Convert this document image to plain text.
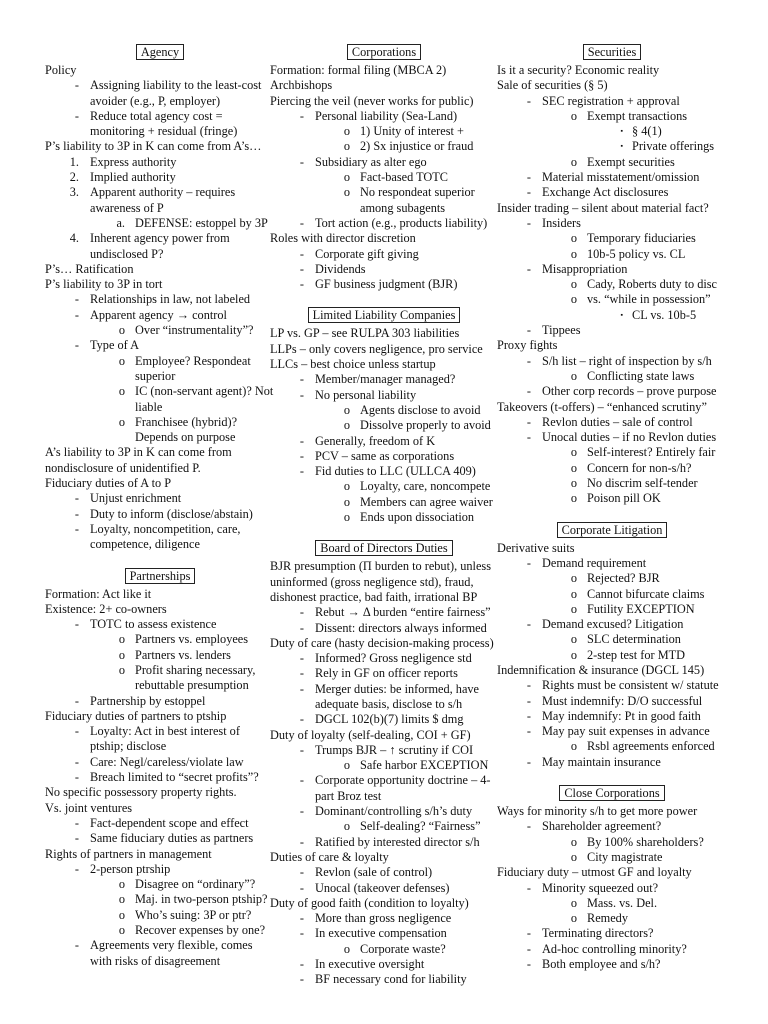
Agency
Policy
- Assigning liability to the least-cost avoider (e.g., P, employer)
- Reduce total agency cost = monitoring + residual (fringe)
P’s liability to 3P in K can come from A’s…
1. Express authority
2. Implied authority
3. Apparent authority – requires awareness of P
a. DEFENSE: estoppel by 3P
4. Inherent agency power from undisclosed P?
P’s… Ratification
P’s liability to 3P in tort
- Relationships in law, not labeled
- Apparent agency → control
o Over “instrumentality”?
- Type of A
o Employee? Respondeat superior
o IC (non-servant agent)? Not liable
o Franchisee (hybrid)? Depends on purpose
A’s liability to 3P in K can come from nondisclosure of unidentified P.
Fiduciary duties of A to P
- Unjust enrichment
- Duty to inform (disclose/abstain)
- Loyalty, noncompetition, care, competence, diligence
Partnerships
Formation: Act like it
Existence: 2+ co-owners
- TOTC to assess existence
o Partners vs. employees
o Partners vs. lenders
o Profit sharing necessary, rebuttable presumption
- Partnership by estoppel
Fiduciary duties of partners to ptship
- Loyalty: Act in best interest of ptship; disclose
- Care: Negl/careless/violate law
- Breach limited to “secret profits”?
No specific possessory property rights.
Vs. joint ventures
- Fact-dependent scope and effect
- Same fiduciary duties as partners
Rights of partners in management
- 2-person ptrship
o Disagree on “ordinary”?
o Maj. in two-person ptship?
o Who’s suing: 3P or ptr?
o Recover expenses by one?
- Agreements very flexible, comes with risks of disagreement
Corporations
Formation: formal filing (MBCA 2)
Archbishops
Piercing the veil (never works for public)
- Personal liability (Sea-Land)
o 1) Unity of interest +
o 2) Sx injustice or fraud
- Subsidiary as alter ego
o Fact-based TOTC
o No respondeat superior among subagents
- Tort action (e.g., products liability)
Roles with director discretion
- Corporate gift giving
- Dividends
- GF business judgment (BJR)
Limited Liability Companies
LP vs. GP – see RULPA 303 liabilities
LLPs – only covers negligence, pro service
LLCs – best choice unless startup
- Member/manager managed?
- No personal liability
o Agents disclose to avoid
o Dissolve properly to avoid
- Generally, freedom of K
- PCV – same as corporations
- Fid duties to LLC (ULLCA 409)
o Loyalty, care, noncompete
o Members can agree waiver
o Ends upon dissociation
Board of Directors Duties
BJR presumption (Π burden to rebut), unless uninformed (gross negligence std), fraud, dishonest practice, bad faith, irrational BP
- Rebut → Δ burden “entire fairness”
- Dissent: directors always informed
Duty of care (hasty decision-making process)
- Informed? Gross negligence std
- Rely in GF on officer reports
- Merger duties: be informed, have adequate basis, disclose to s/h
- DGCL 102(b)(7) limits $ dmg
Duty of loyalty (self-dealing, COI + GF)
- Trumps BJR – ↑ scrutiny if COI
o Safe harbor EXCEPTION
- Corporate opportunity doctrine – 4-part Broz test
- Dominant/controlling s/h’s duty
o Self-dealing? “Fairness”
- Ratified by interested director s/h
Duties of care & loyalty
- Revlon (sale of control)
- Unocal (takeover defenses)
Duty of good faith (condition to loyalty)
- More than gross negligence
- In executive compensation
o Corporate waste?
- In executive oversight
- BF necessary cond for liability
Securities
Is it a security? Economic reality
Sale of securities (§ 5)
- SEC registration + approval
o Exempt transactions
▪ § 4(1)
▪ Private offerings
o Exempt securities
- Material misstatement/omission
- Exchange Act disclosures
Insider trading – silent about material fact?
- Insiders
o Temporary fiduciaries
o 10b-5 policy vs. CL
- Misappropriation
o Cady, Roberts duty to disc
o vs. “while in possession”
▪ CL vs. 10b-5
- Tippees
Proxy fights
- S/h list – right of inspection by s/h
o Conflicting state laws
- Other corp records – prove purpose
Takeovers (t-offers) – “enhanced scrutiny”
- Revlon duties – sale of control
- Unocal duties – if no Revlon duties
o Self-interest? Entirely fair
o Concern for non-s/h?
o No discrim self-tender
o Poison pill OK
Corporate Litigation
Derivative suits
- Demand requirement
o Rejected? BJR
o Cannot bifurcate claims
o Futility EXCEPTION
- Demand excused? Litigation
o SLC determination
o 2-step test for MTD
Indemnification & insurance (DGCL 145)
- Rights must be consistent w/ statute
- Must indemnify: D/O successful
- May indemnify: Pt in good faith
- May pay suit expenses in advance
o Rsbl agreements enforced
- May maintain insurance
Close Corporations
Ways for minority s/h to get more power
- Shareholder agreement?
o By 100% shareholders?
o City magistrate
Fiduciary duty – utmost GF and loyalty
- Minority squeezed out?
o Mass. vs. Del.
o Remedy
- Terminating directors?
- Ad-hoc controlling minority?
- Both employee and s/h?
